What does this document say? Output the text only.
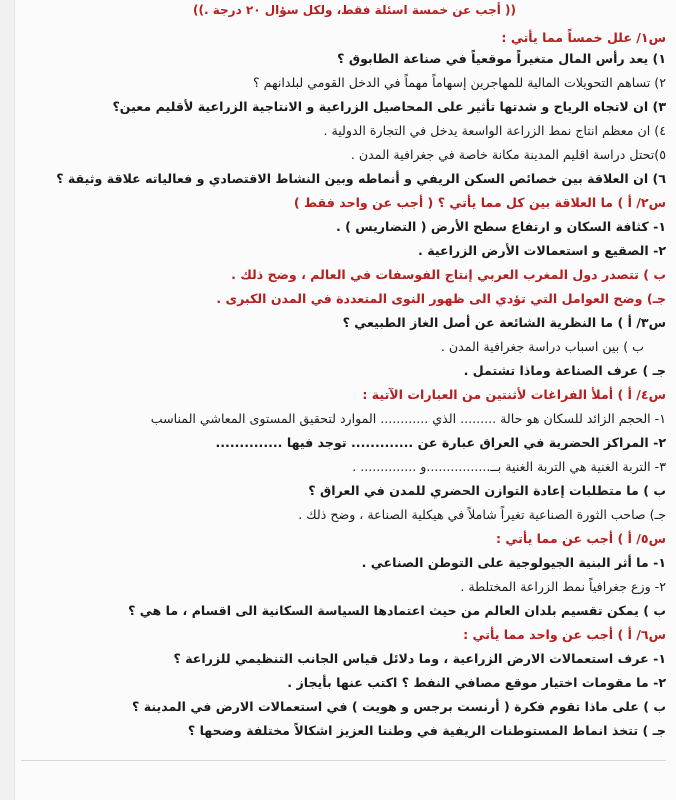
(( أجب عن خمسة اسئلة فقط، ولكل سؤال ٢٠ درجة .))
س١/ علل خمساً مما يأتي :
١) يعد رأس المال متغيراً موقعياً في صناعة الطابوق ؟
٢) تساهم التحويلات المالية للمهاجرين إسهاماً مهماً في الدخل القومي لبلدانهم ؟
٣) ان لاتجاه الرياح و شدتها تأثير على المحاصيل الزراعية و الانتاجية الزراعية لأقليم معين؟
٤) ان معظم انتاج نمط الزراعة الواسعة يدخل في التجارة الدولية .
٥)تحتل دراسة اقليم المدينة مكانة خاصة في جغرافية المدن .
٦) ان العلاقة بين خصائص السكن الريفي و أنماطه وبين النشاط الاقتصادي و فعالياته علاقة وثيقة ؟
س٢/ أ ) ما العلاقة بين كل مما يأتي ؟ ( أجب عن واحد فقط )
١- كثافة السكان و ارتفاع سطح الأرض ( التضاريس ) .
٢- الصقيع و استعمالات الأرض الزراعية .
ب ) تتصدر دول المغرب العربي إنتاج الفوسفات في العالم ، وضح ذلك .
جـ) وضح العوامل التي تؤدي الى ظهور النوى المتعددة في المدن الكبرى .
س٣/ أ ) ما النظرية الشائعة عن أصل الغاز الطبيعي ؟
ب ) بين اسباب دراسة جغرافية المدن .
جـ ) عرف الصناعة وماذا تشتمل .
س٤/ أ ) أملأ الفراغات لأثنتين من العبارات الآتية :
١- الحجم الزائد للسكان هو حالة ......... الذي ............ الموارد لتحقيق المستوى المعاشي المناسب
٢- المراكز الحضرية في العراق عبارة عن ............. توجد فيها ..............
٣- التربة الغنية هي التربة الغنية بــ................و .............. .
ب ) ما متطلبات إعادة التوازن الحضري للمدن في العراق ؟
جـ) صاحب الثورة الصناعية تغيراً شاملاً في هيكلية الصناعة ، وضح ذلك .
س٥/ أ ) أجب عن مما يأتي :
١- ما أثر البنية الجيولوجية على التوطن الصناعي .
٢- وزع جغرافياً نمط الزراعة المختلطة .
ب ) يمكن تقسيم بلدان العالم من حيث اعتمادها السياسة السكانية الى اقسام ، ما هي ؟
س٦/ أ ) أجب عن واحد مما يأتي :
١- عرف استعمالات الارض الزراعية ، وما دلائل قياس الجانب التنظيمي للزراعة ؟
٢- ما مقومات اختيار موقع مصافي النفط ؟ اكتب عنها بأيجاز .
ب ) على ماذا تقوم فكرة ( أرنست برجس و هويت ) في استعمالات الارض في المدينة ؟
جـ ) تتخذ انماط المستوطنات الريفية في وطننا العزيز اشكالاً مختلفة وضحها ؟
